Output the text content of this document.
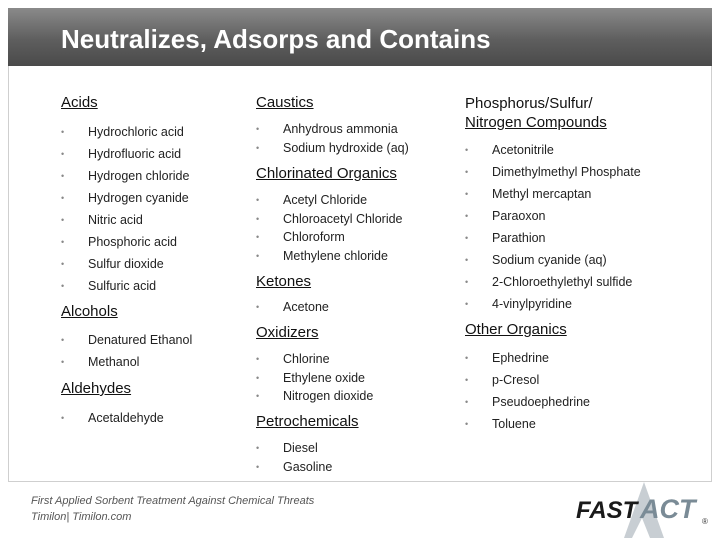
Neutralizes, Adsorps and Contains
Acids
• Hydrochloric acid
• Hydrofluoric acid
• Hydrogen chloride
• Hydrogen cyanide
• Nitric acid
• Phosphoric acid
• Sulfur dioxide
• Sulfuric acid
Alcohols
• Denatured Ethanol
• Methanol
Aldehydes
• Acetaldehyde
Caustics
• Anhydrous ammonia
• Sodium hydroxide (aq)
Chlorinated Organics
• Acetyl Chloride
• Chloroacetyl Chloride
• Chloroform
• Methylene chloride
Ketones
• Acetone
Oxidizers
• Chlorine
• Ethylene oxide
• Nitrogen dioxide
Petrochemicals
• Diesel
• Gasoline
Phosphorus/Sulfur/
Nitrogen Compounds
• Acetonitrile
• Dimethylmethyl Phosphate
• Methyl mercaptan
• Paraoxon
• Parathion
• Sodium cyanide (aq)
• 2-Chloroethylethyl sulfide
• 4-vinylpyridine
Other Organics
• Ephedrine
• p-Cresol
• Pseudoephedrine
• Toluene
First Applied Sorbent Treatment Against Chemical Threats
Timilon| Timilon.com	FAST ACT ®
